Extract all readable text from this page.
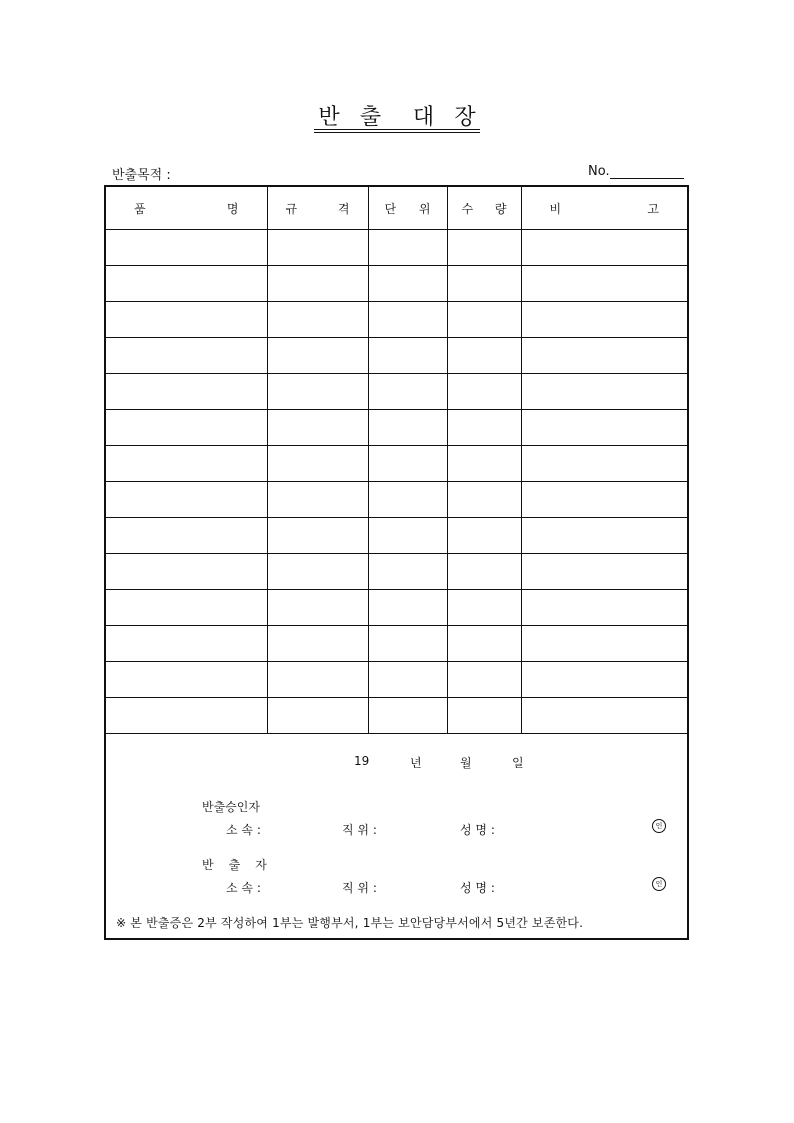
반 출	대 장
반출목적 :	No.
품 명	규 격	단 위	수 량	비 고

19	년	월	일
반출승인자
소 속 :	직 위 :	성 명 :	인
반 출 자
소 속 :	직 위 :	성 명 :	인
※ 본 반출증은 2부 작성하여 1부는 발행부서, 1부는 보안담당부서에서 5년간 보존한다.
